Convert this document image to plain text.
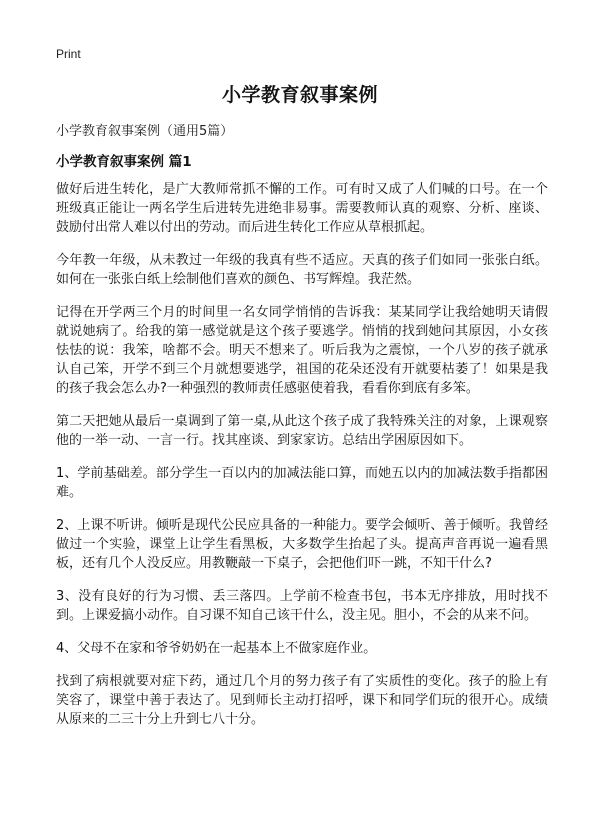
Print
小学教育叙事案例
小学教育叙事案例（通用5篇）
小学教育叙事案例 篇1

做好后进生转化，是广大教师常抓不懈的工作。可有时又成了人们喊的口号。在一个班级真正能让一两名学生后进转先进绝非易事。需要教师认真的观察、分析、座谈、鼓励付出常人难以付出的劳动。而后进生转化工作应从草根抓起。

今年教一年级，从未教过一年级的我真有些不适应。天真的孩子们如同一张张白纸。如何在一张张白纸上绘制他们喜欢的颜色、书写辉煌。我茫然。

记得在开学两三个月的时间里一名女同学悄悄的告诉我：某某同学让我给她明天请假就说她病了。给我的第一感觉就是这个孩子要逃学。悄悄的找到她问其原因，小女孩怯怯的说：我笨，啥都不会。明天不想来了。听后我为之震惊，一个八岁的孩子就承认自己笨，开学不到三个月就想要逃学，祖国的花朵还没有开就要枯萎了！如果是我的孩子我会怎么办?一种强烈的教师责任感驱使着我，看看你到底有多笨。

第二天把她从最后一桌调到了第一桌,从此这个孩子成了我特殊关注的对象，上课观察他的一举一动、一言一行。找其座谈、到家家访。总结出学困原因如下。

1、学前基础差。部分学生一百以内的加减法能口算，而她五以内的加减法数手指都困难。

2、上课不听讲。倾听是现代公民应具备的一种能力。要学会倾听、善于倾听。我曾经做过一个实验，课堂上让学生看黑板，大多数学生抬起了头。提高声音再说一遍看黑板，还有几个人没反应。用教鞭敲一下桌子，会把他们吓一跳，不知干什么?

3、没有良好的行为习惯、丢三落四。上学前不检查书包，书本无序排放，用时找不到。上课爱搞小动作。自习课不知自己该干什么，没主见。胆小，不会的从来不问。

4、父母不在家和爷爷奶奶在一起基本上不做家庭作业。

找到了病根就要对症下药，通过几个月的努力孩子有了实质性的变化。孩子的脸上有笑容了，课堂中善于表达了。见到师长主动打招呼，课下和同学们玩的很开心。成绩从原来的二三十分上升到七八十分。
